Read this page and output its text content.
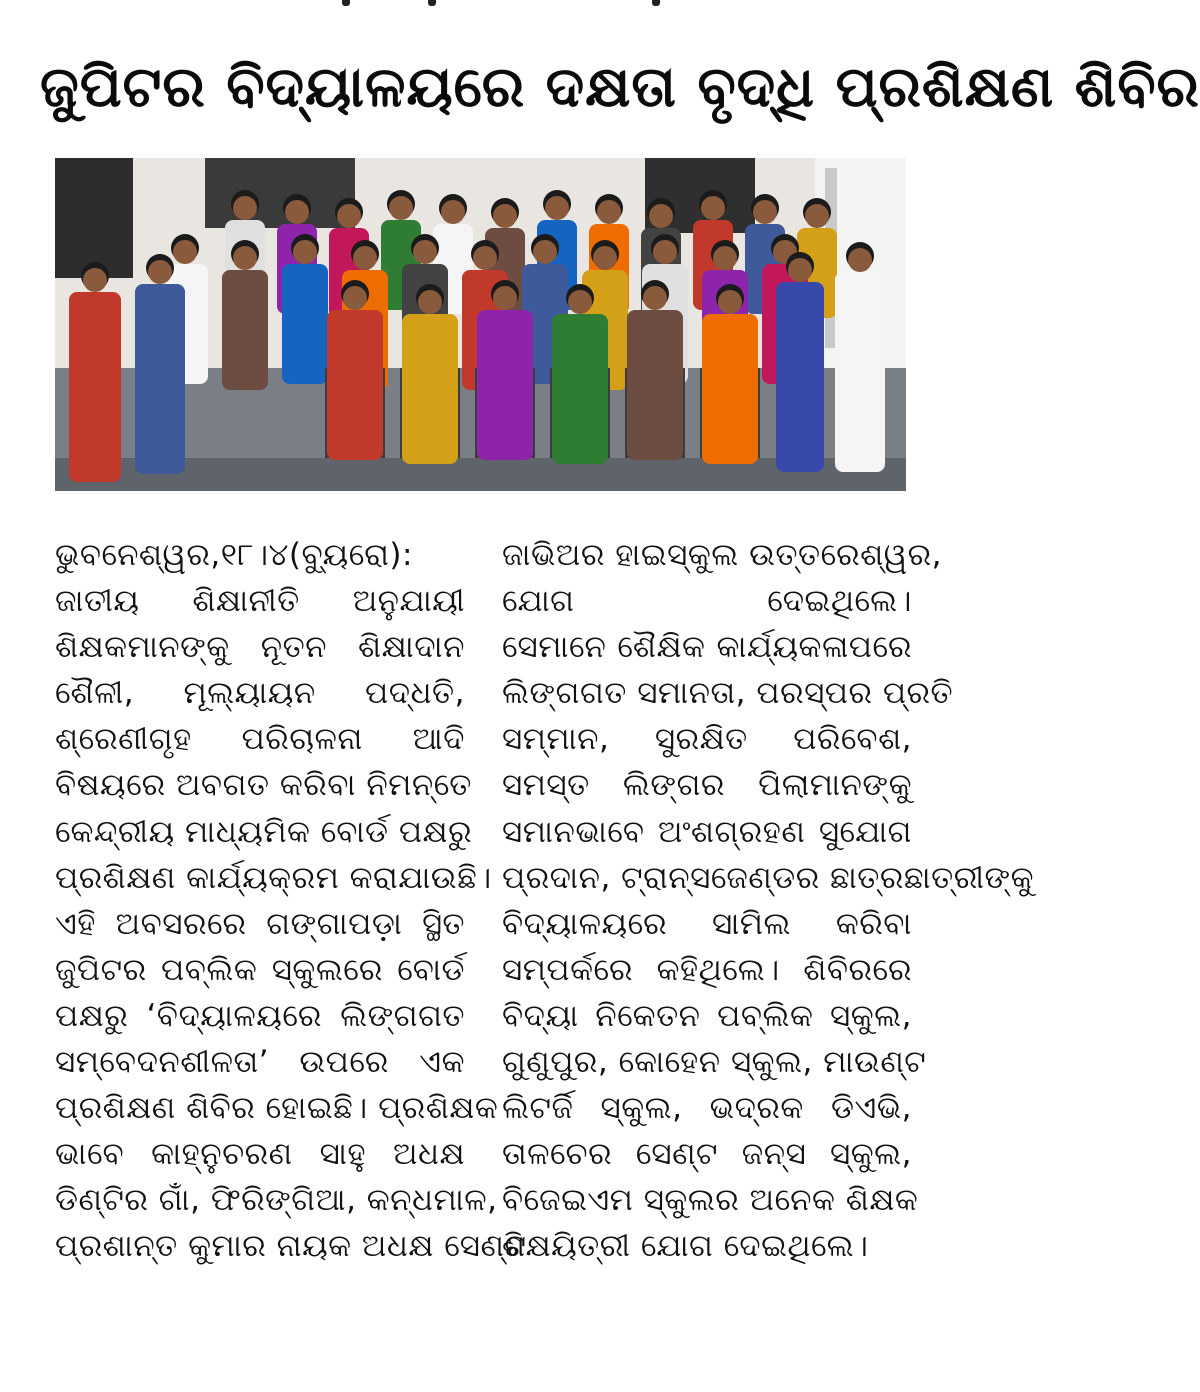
ଜୁପିଟର ବିଦ୍ୟାଳୟରେ ଦକ୍ଷତା ବୃଦ୍ଧି ପ୍ରଶିକ୍ଷଣ ଶିବିର
ଭୁବନେଶ୍ୱର,୧୮।୪(ବ୍ୟୁରୋ):
ଜାତୀୟ ଶିକ୍ଷାନୀତି ଅନୁଯାୟୀ
ଶିକ୍ଷକମାନଙ୍କୁ ନୂତନ ଶିକ୍ଷାଦାନ
ଶୈଳୀ, ମୂଲ୍ୟାୟନ ପଦ୍ଧତି,
ଶ୍ରେଣୀଗୃହ ପରିଚାଳନା ଆଦି
ବିଷୟରେ ଅବଗତ କରିବା ନିମନ୍ତେ
କେନ୍ଦ୍ରୀୟ ମାଧ୍ୟମିକ ବୋର୍ଡ ପକ୍ଷରୁ
ପ୍ରଶିକ୍ଷଣ କାର୍ଯ୍ୟକ୍ରମ କରାଯାଉଛି।
ଏହି ଅବସରରେ ଗଙ୍ଗାପଡ଼ା ସ୍ଥିତ
ଜୁପିଟର ପବ୍ଲିକ ସ୍କୁଲରେ ବୋର୍ଡ
ପକ୍ଷରୁ ‘ବିଦ୍ୟାଳୟରେ ଲିଙ୍ଗଗତ
ସମ୍ବେଦନଶୀଳତା’ ଉପରେ ଏକ
ପ୍ରଶିକ୍ଷଣ ଶିବିର ହୋଇଛି। ପ୍ରଶିକ୍ଷକ
ଭାବେ କାହ୍ନୁଚରଣ ସାହୁ ଅଧକ୍ଷ
ଡିଣ୍ଟିର ଗାଁ, ଫିରିଙ୍ଗିଆ, କନ୍ଧମାଳ,
ପ୍ରଶାନ୍ତ କୁମାର ନାୟକ ଅଧକ୍ଷ ସେଣ୍ଟ
ଜାଭିଅର ହାଇସ୍କୁଲ ଉତ୍ତରେଶ୍ୱର,
ଯୋଗ ଦେଇଥିଲେ।
ସେମାନେ ଶୈକ୍ଷିକ କାର୍ଯ୍ୟକଳାପରେ
ଲିଙ୍ଗଗତ ସମାନତା, ପରସ୍ପର ପ୍ରତି
ସମ୍ମାନ, ସୁରକ୍ଷିତ ପରିବେଶ,
ସମସ୍ତ ଲିଙ୍ଗର ପିଲାମାନଙ୍କୁ
ସମାନଭାବେ ଅଂଶଗ୍ରହଣ ସୁଯୋଗ
ପ୍ରଦାନ, ଟ୍ରାନ୍ସଜେଣ୍ଡର ଛାତ୍ରଛାତ୍ରୀଙ୍କୁ
ବିଦ୍ୟାଳୟରେ ସାମିଲ କରିବା
ସମ୍ପର୍କରେ କହିଥିଲେ। ଶିବିରରେ
ବିଦ୍ୟା ନିକେତନ ପବ୍ଲିକ ସ୍କୁଲ,
ଗୁଣୁପୁର, କୋହେନ ସ୍କୁଲ, ମାଉଣ୍ଟ
ଲିଟର୍ଜି ସ୍କୁଲ, ଭଦ୍ରକ ଡିଏଭି,
ତାଳଚେର ସେଣ୍ଟ ଜନ୍ସ ସ୍କୁଲ,
ବିଜେଇଏମ ସ୍କୁଲର ଅନେକ ଶିକ୍ଷକ
ଶିକ୍ଷୟିତ୍ରୀ ଯୋଗ ଦେଇଥିଲେ।
